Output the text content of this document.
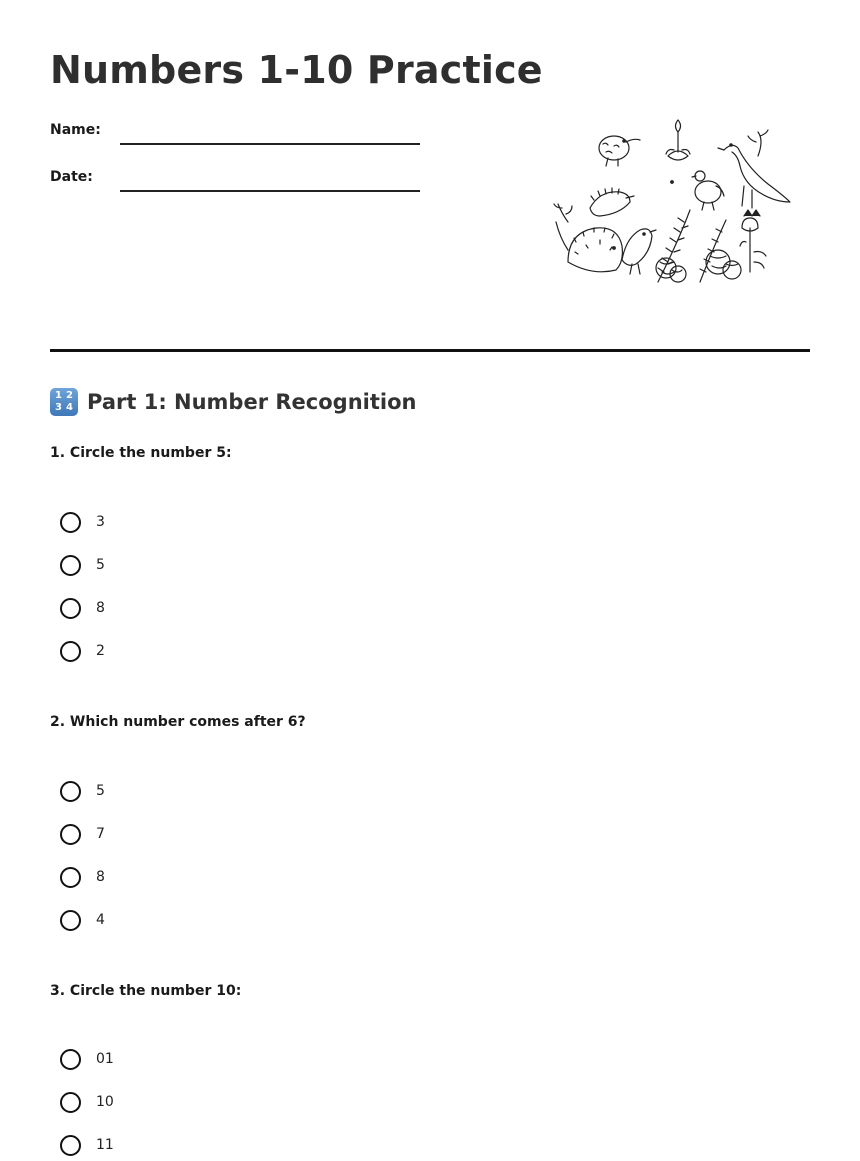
Numbers 1-10 Practice
Name:
Date:
1 2
3 4 Part 1: Number Recognition
1. Circle the number 5:
3
5
8
2
2. Which number comes after 6?
5
7
8
4
3. Circle the number 10:
01
10
11
